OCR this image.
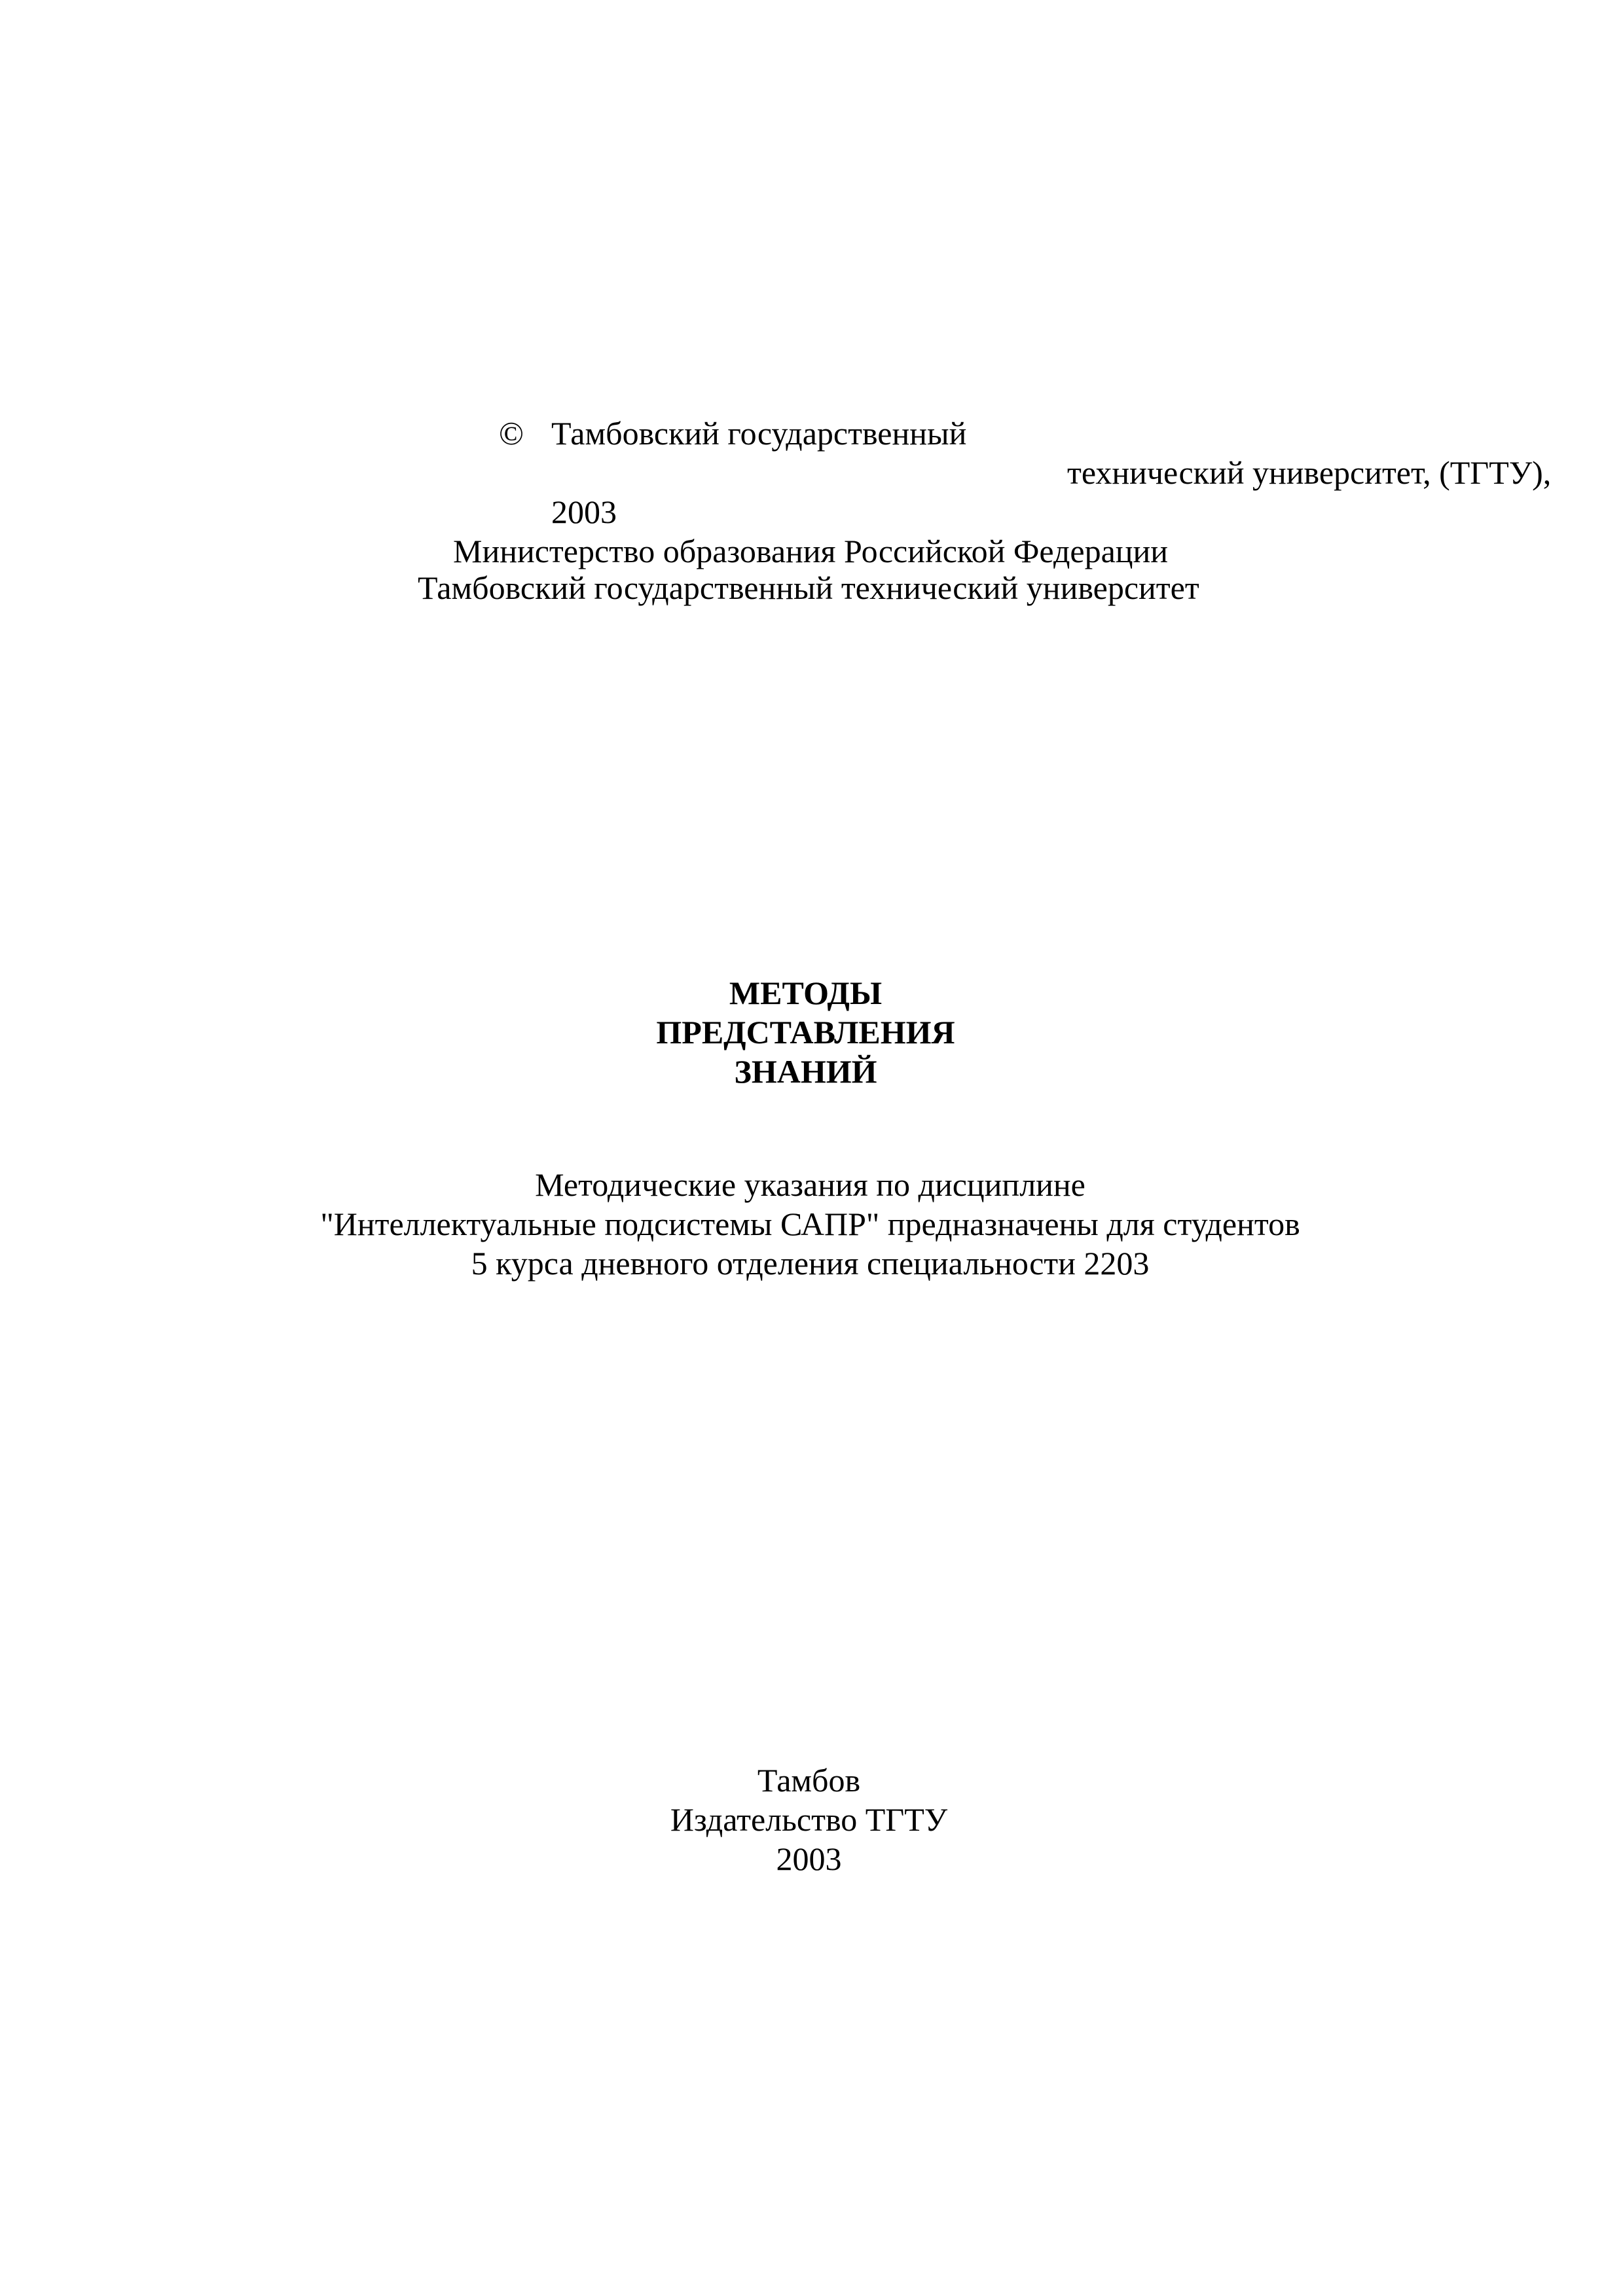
© Тамбовский государственный
технический университет, (ТГТУ),
2003
Министерство образования Российской Федерации
Тамбовский государственный технический университет
МЕТОДЫ
ПРЕДСТАВЛЕНИЯ
ЗНАНИЙ
Методические указания по дисциплине
"Интеллектуальные подсистемы САПР" предназначены для студентов
5 курса дневного отделения специальности 2203
Тамбов
Издательство ТГТУ
2003
